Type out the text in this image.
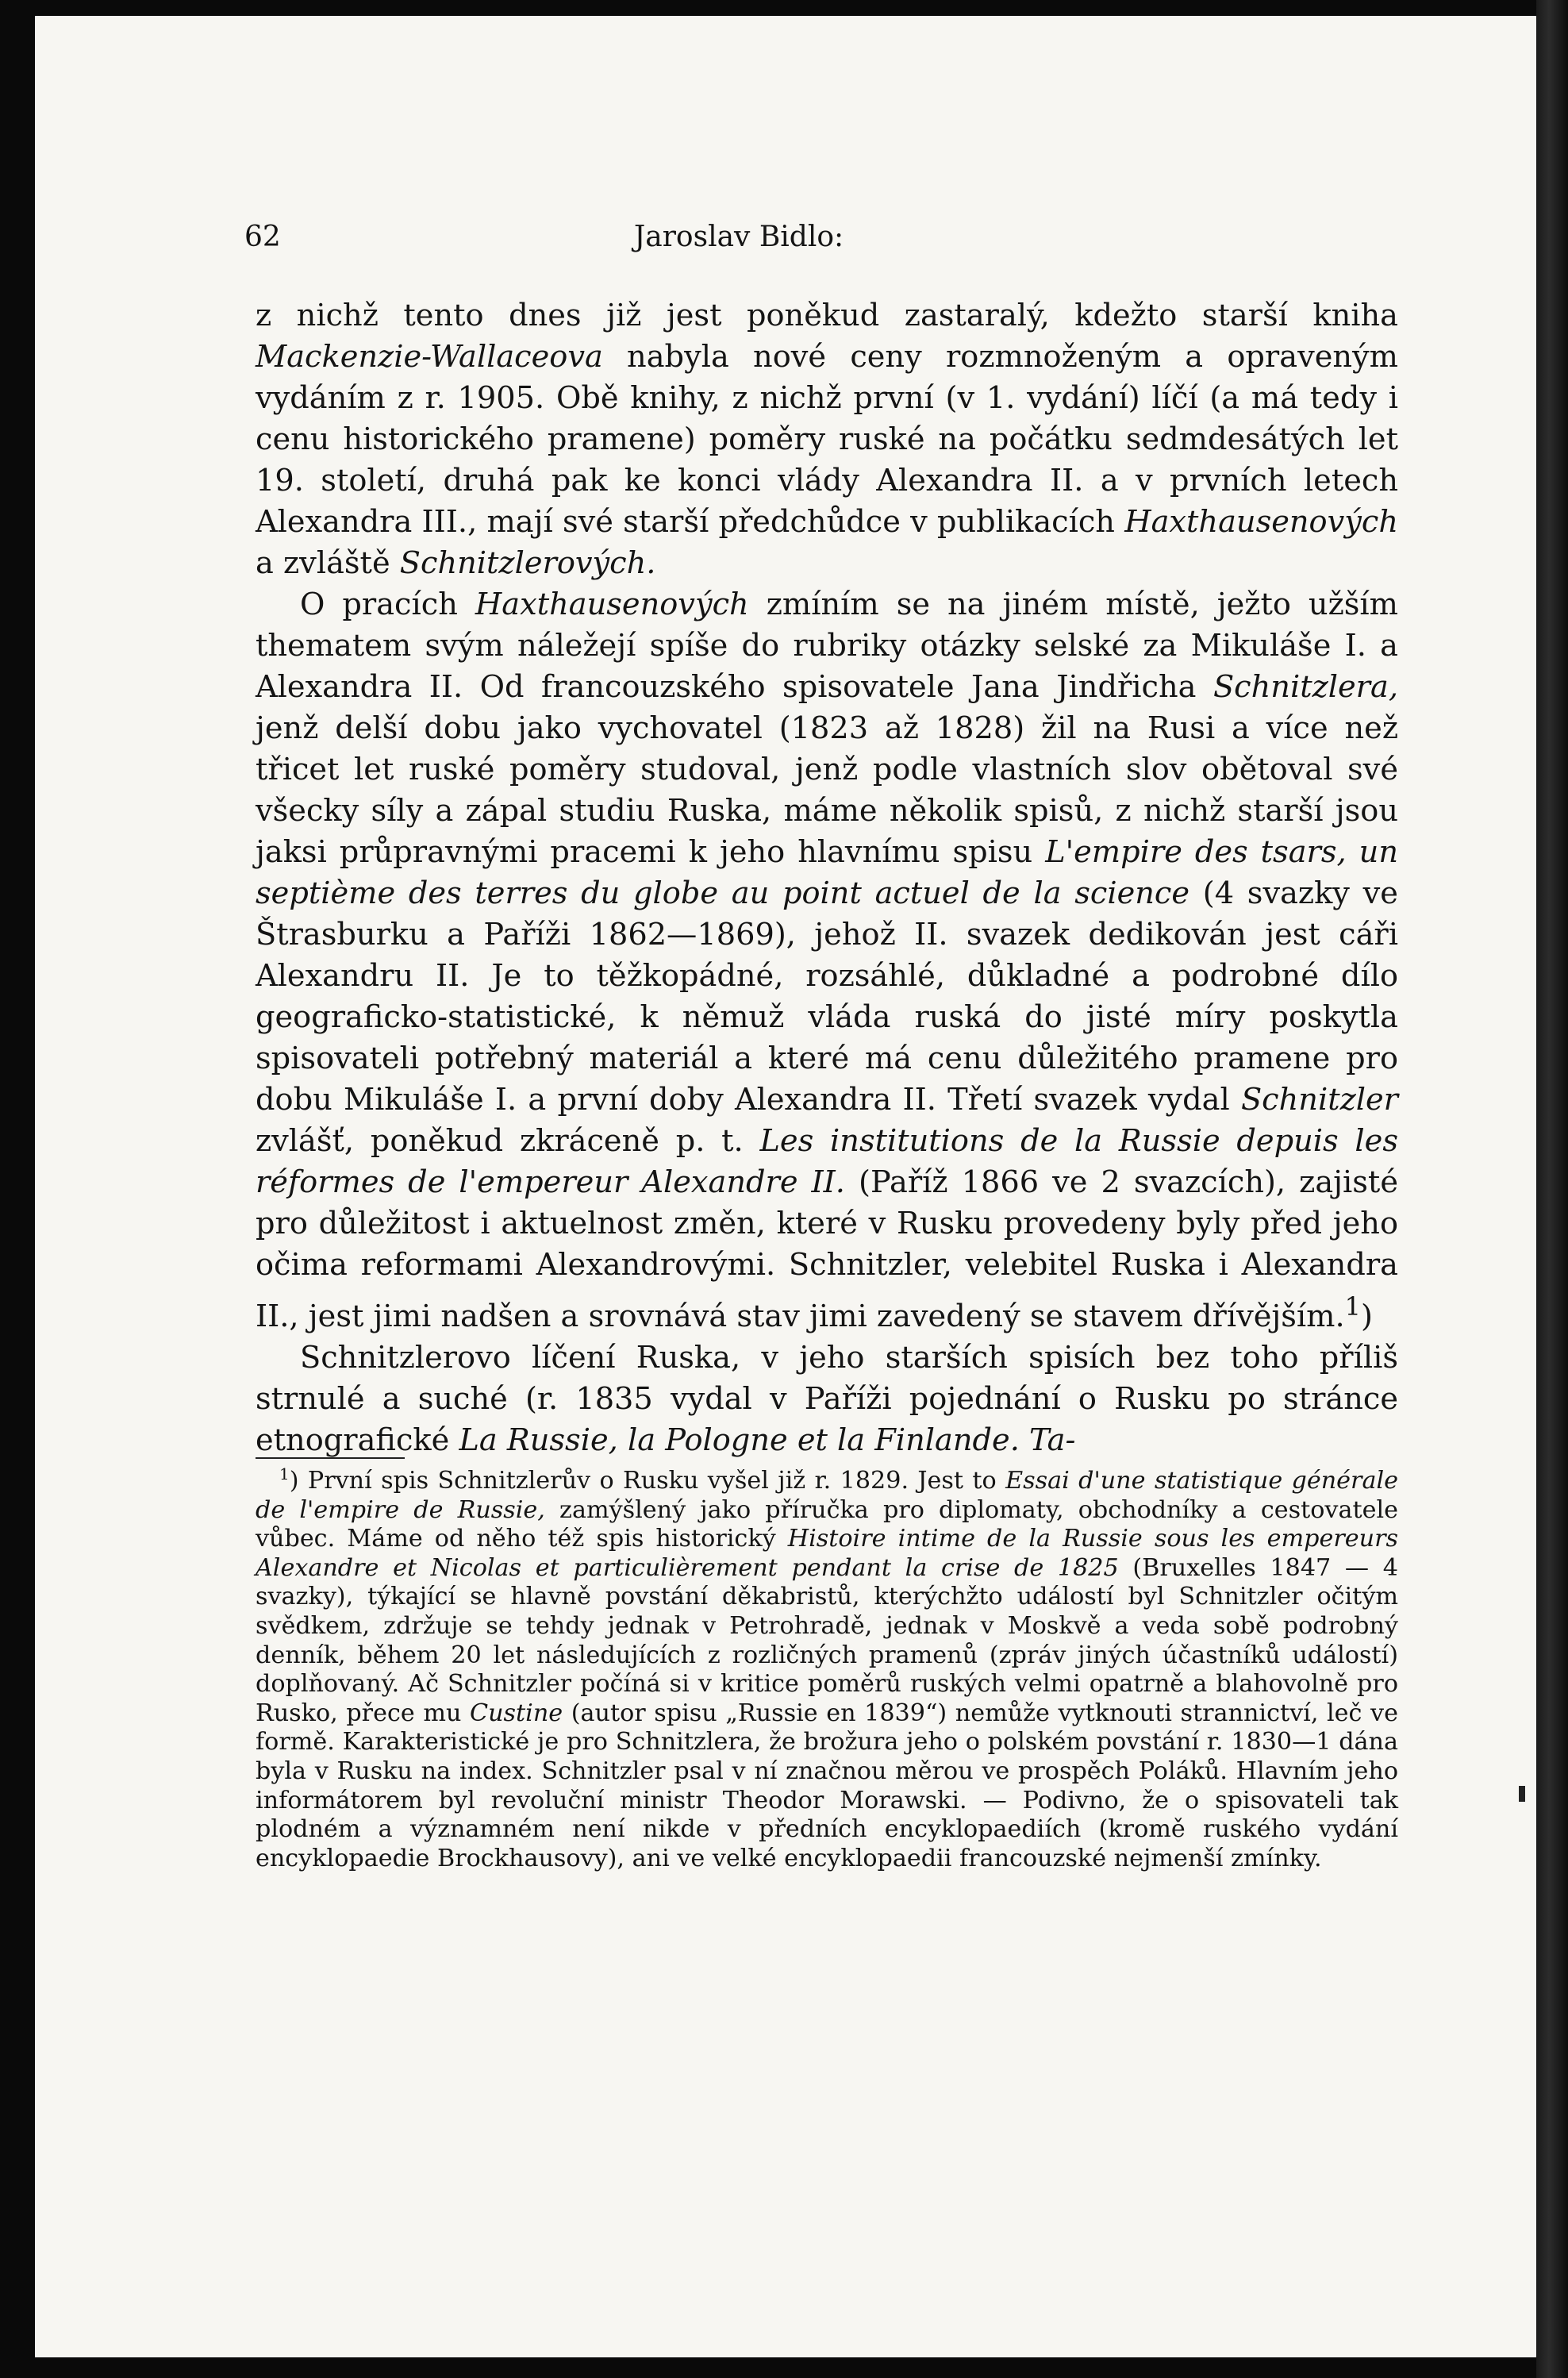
62	Jaroslav Bidlo:

z nichž tento dnes již jest poněkud zastaralý, kdežto starší kniha Mackenzie-Wallaceova nabyla nové ceny rozmnoženým a opraveným vydáním z r. 1905. Obě knihy, z nichž první (v 1. vydání) líčí (a má tedy i cenu historického pramene) poměry ruské na počátku sedmdesátých let 19. století, druhá pak ke konci vlády Alexandra II. a v prvních letech Alexandra III., mají své starší předchůdce v publikacích Haxthausenových a zvláště Schnitzlerových.

O pracích Haxthausenových zmíním se na jiném místě, ježto užším thematem svým náležejí spíše do rubriky otázky selské za Mikuláše I. a Alexandra II. Od francouzského spisovatele Jana Jindřicha Schnitzlera, jenž delší dobu jako vychovatel (1823 až 1828) žil na Rusi a více než třicet let ruské poměry studoval, jenž podle vlastních slov obětoval své všecky síly a zápal studiu Ruska, máme několik spisů, z nichž starší jsou jaksi průpravnými pracemi k jeho hlavnímu spisu L'empire des tsars, un septième des terres du globe au point actuel de la science (4 svazky ve Štrasburku a Paříži 1862—1869), jehož II. svazek dedikován jest cáři Alexandru II. Je to těžkopádné, rozsáhlé, důkladné a podrobné dílo geograficko-statistické, k němuž vláda ruská do jisté míry poskytla spisovateli potřebný materiál a které má cenu důležitého pramene pro dobu Mikuláše I. a první doby Alexandra II. Třetí svazek vydal Schnitzler zvlášť, poněkud zkráceně p. t. Les institutions de la Russie depuis les réformes de l'empereur Alexandre II. (Paříž 1866 ve 2 svazcích), zajisté pro důležitost i aktuelnost změn, které v Rusku provedeny byly před jeho očima reformami Alexandrovými. Schnitzler, velebitel Ruska i Alexandra II., jest jimi nadšen a srovnává stav jimi zavedený se stavem dřívějším.$^1$)

Schnitzlerovo líčení Ruska, v jeho starších spisích bez toho příliš strnulé a suché (r. 1835 vydal v Paříži pojednání o Rusku po stránce etnografické La Russie, la Pologne et la Finlande. Ta-

$^1$) První spis Schnitzlerův o Rusku vyšel již r. 1829. Jest to Essai d'une statistique générale de l'empire de Russie, zamýšlený jako příručka pro diplomaty, obchodníky a cestovatele vůbec. Máme od něho též spis historický Histoire intime de la Russie sous les empereurs Alexandre et Nicolas et particulièrement pendant la crise de 1825 (Bruxelles 1847 — 4 svazky), týkající se hlavně povstání děkabristů, kterýchžto událostí byl Schnitzler očitým svědkem, zdržuje se tehdy jednak v Petrohradě, jednak v Moskvě a veda sobě podrobný denník, během 20 let následujících z rozličných pramenů (zpráv jiných účastníků událostí) doplňovaný. Ač Schnitzler počíná si v kritice poměrů ruských velmi opatrně a blahovolně pro Rusko, přece mu Custine (autor spisu „Russie en 1839“) nemůže vytknouti strannictví, leč ve formě. Karakteristické je pro Schnitzlera, že brožura jeho o polském povstání r. 1830—1 dána byla v Rusku na index. Schnitzler psal v ní značnou měrou ve prospěch Poláků. Hlavním jeho informátorem byl revoluční ministr Theodor Morawski. — Podivno, že o spisovateli tak plodném a významném není nikde v předních encyklopaediích (kromě ruského vydání encyklopaedie Brockhausovy), ani ve velké encyklopaedii francouzské nejmenší zmínky.
